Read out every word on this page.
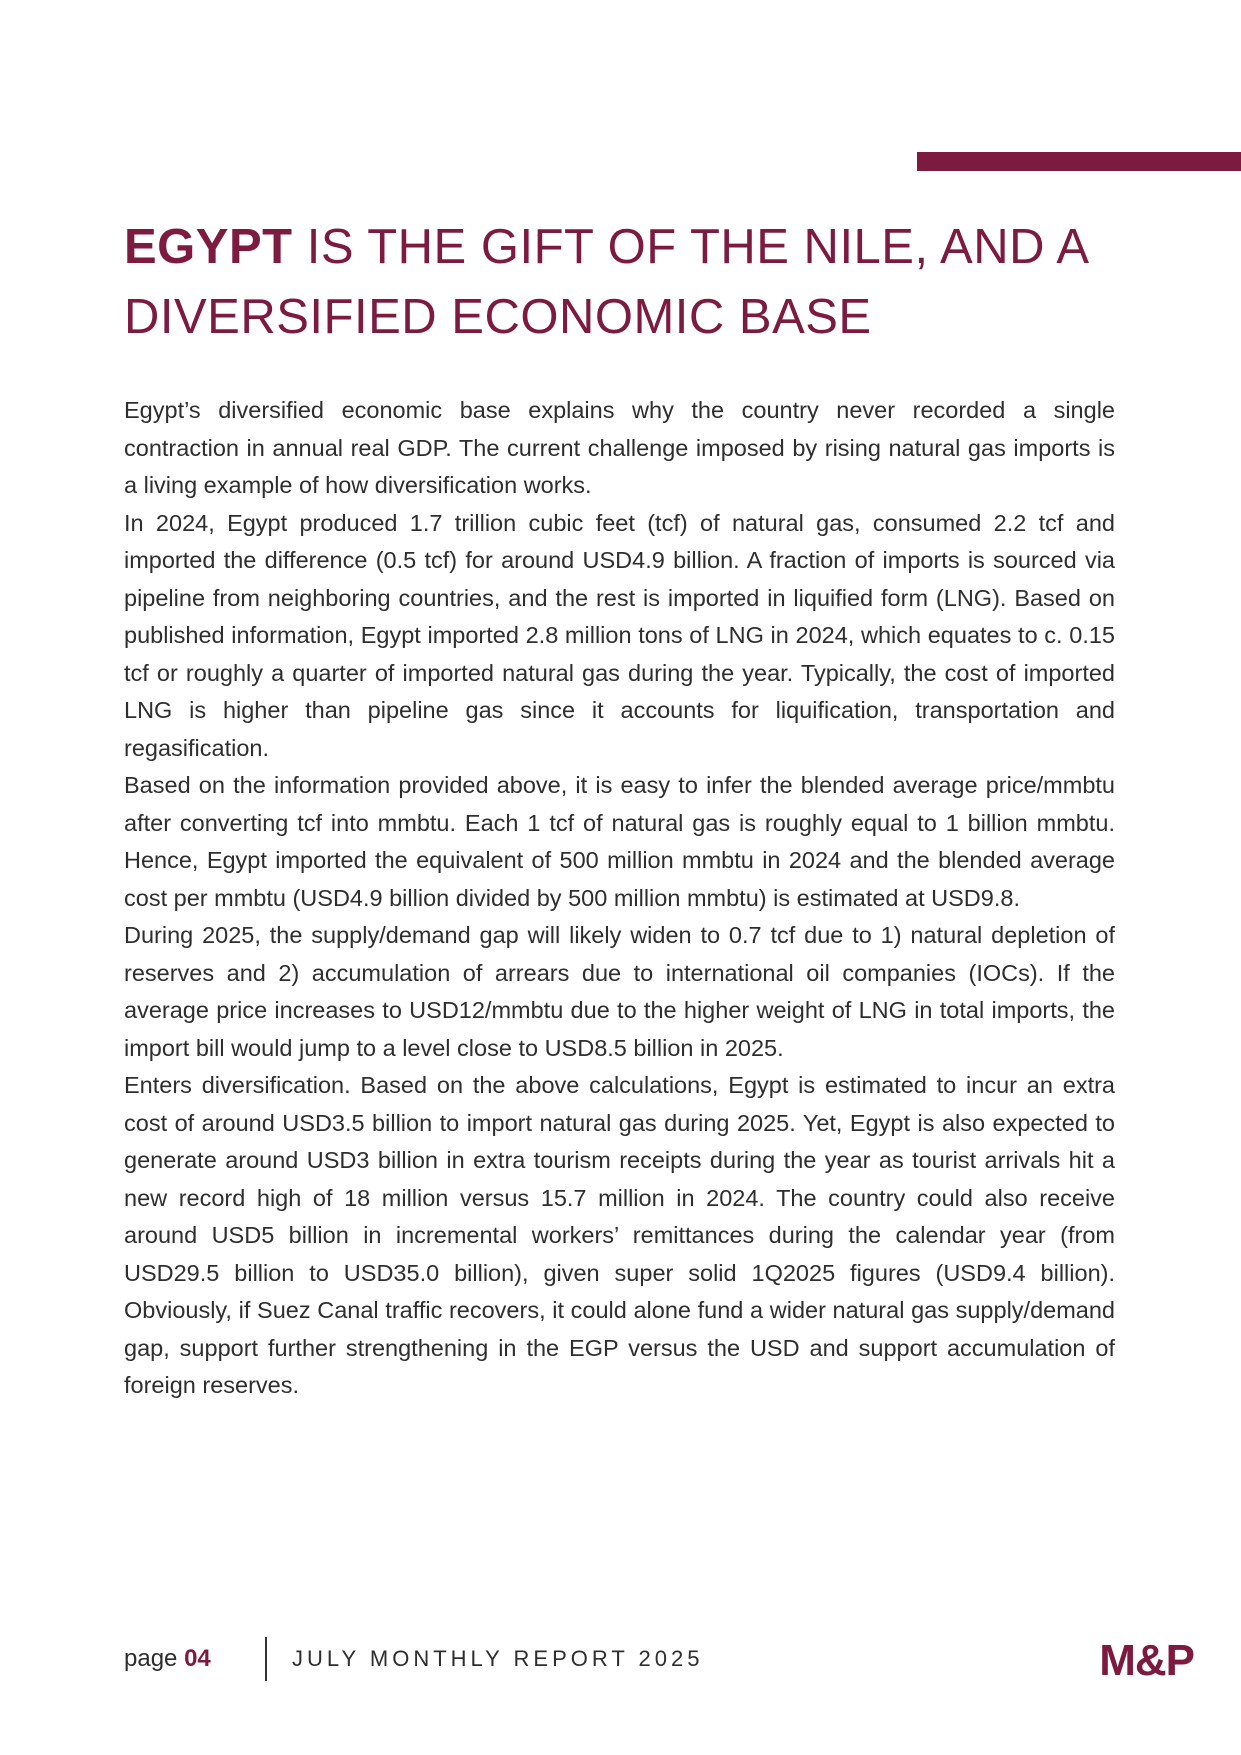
EGYPT IS THE GIFT OF THE NILE, AND A DIVERSIFIED ECONOMIC BASE

Egypt’s diversified economic base explains why the country never recorded a single contraction in annual real GDP. The current challenge imposed by rising natural gas imports is a living example of how diversification works.

In 2024, Egypt produced 1.7 trillion cubic feet (tcf) of natural gas, consumed 2.2 tcf and imported the difference (0.5 tcf) for around USD4.9 billion. A fraction of imports is sourced via pipeline from neighboring countries, and the rest is imported in liquified form (LNG). Based on published information, Egypt imported 2.8 million tons of LNG in 2024, which equates to c. 0.15 tcf or roughly a quarter of imported natural gas during the year. Typically, the cost of imported LNG is higher than pipeline gas since it accounts for liquification, transportation and regasification.

Based on the information provided above, it is easy to infer the blended average price/mmbtu after converting tcf into mmbtu. Each 1 tcf of natural gas is roughly equal to 1 billion mmbtu. Hence, Egypt imported the equivalent of 500 million mmbtu in 2024 and the blended average cost per mmbtu (USD4.9 billion divided by 500 million mmbtu) is estimated at USD9.8.

During 2025, the supply/demand gap will likely widen to 0.7 tcf due to 1) natural depletion of reserves and 2) accumulation of arrears due to international oil companies (IOCs). If the average price increases to USD12/mmbtu due to the higher weight of LNG in total imports, the import bill would jump to a level close to USD8.5 billion in 2025.

Enters diversification. Based on the above calculations, Egypt is estimated to incur an extra cost of around USD3.5 billion to import natural gas during 2025. Yet, Egypt is also expected to generate around USD3 billion in extra tourism receipts during the year as tourist arrivals hit a new record high of 18 million versus 15.7 million in 2024. The country could also receive around USD5 billion in incremental workers’ remittances during the calendar year (from USD29.5 billion to USD35.0 billion), given super solid 1Q2025 figures (USD9.4 billion). Obviously, if Suez Canal traffic recovers, it could alone fund a wider natural gas supply/demand gap, support further strengthening in the EGP versus the USD and support accumulation of foreign reserves.

page 04	JULY MONTHLY REPORT 2025	M&P
